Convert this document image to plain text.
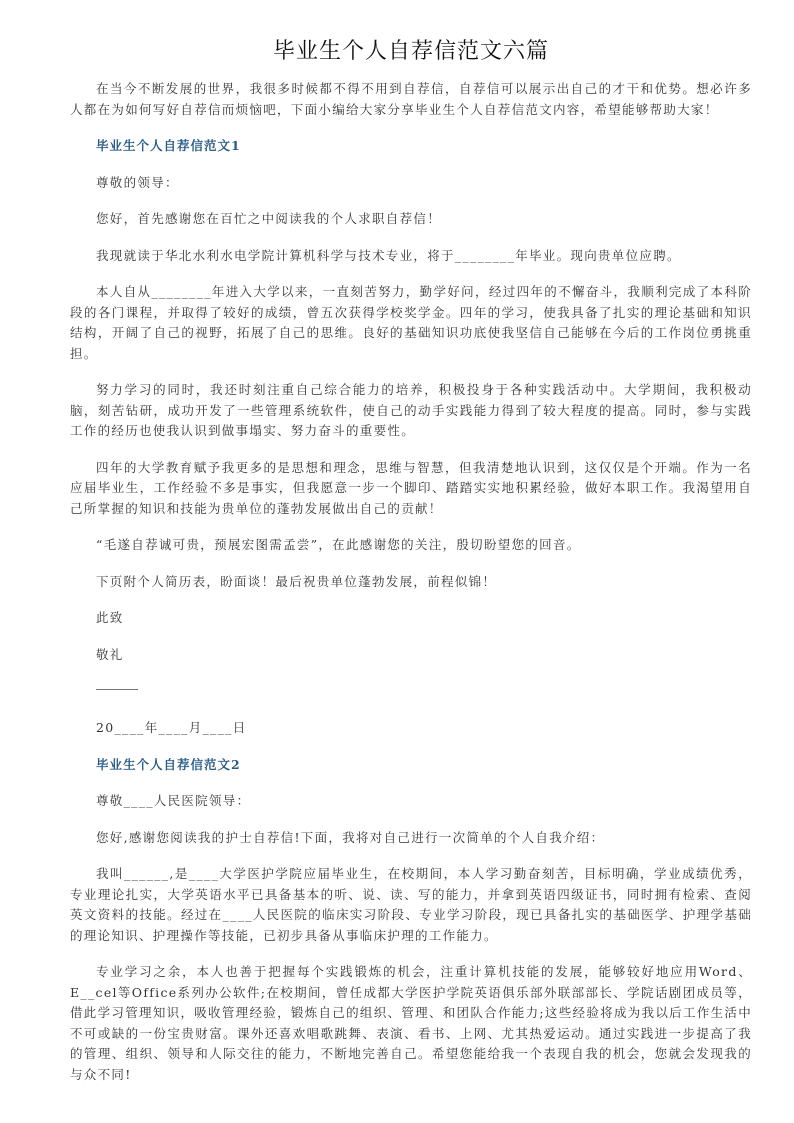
毕业生个人自荐信范文六篇

在当今不断发展的世界，我很多时候都不得不用到自荐信，自荐信可以展示出自己的才干和优势。想必许多人都在为如何写好自荐信而烦恼吧，下面小编给大家分享毕业生个人自荐信范文内容，希望能够帮助大家！

毕业生个人自荐信范文1

尊敬的领导：

您好，首先感谢您在百忙之中阅读我的个人求职自荐信！

我现就读于华北水利水电学院计算机科学与技术专业，将于________年毕业。现向贵单位应聘。

本人自从________年进入大学以来，一直刻苦努力，勤学好问，经过四年的不懈奋斗，我顺利完成了本科阶段的各门课程，并取得了较好的成绩，曾五次获得学校奖学金。四年的学习，使我具备了扎实的理论基础和知识结构，开阔了自己的视野，拓展了自己的思维。良好的基础知识功底使我坚信自己能够在今后的工作岗位勇挑重担。

努力学习的同时，我还时刻注重自己综合能力的培养，积极投身于各种实践活动中。大学期间，我积极动脑，刻苦钻研，成功开发了一些管理系统软件，使自己的动手实践能力得到了较大程度的提高。同时，参与实践工作的经历也使我认识到做事塌实、努力奋斗的重要性。

四年的大学教育赋予我更多的是思想和理念，思维与智慧，但我清楚地认识到，这仅仅是个开端。作为一名应届毕业生，工作经验不多是事实，但我愿意一步一个脚印、踏踏实实地积累经验，做好本职工作。我渴望用自己所掌握的知识和技能为贵单位的蓬勃发展做出自己的贡献！

“毛遂自荐诚可贵，预展宏图需孟尝”，在此感谢您的关注，殷切盼望您的回音。

下页附个人简历表，盼面谈！最后祝贵单位蓬勃发展，前程似锦！

此致

敬礼

20____年____月____日

毕业生个人自荐信范文2

尊敬____人民医院领导：

您好,感谢您阅读我的护士自荐信!下面，我将对自己进行一次简单的个人自我介绍：

我叫______,是____大学医护学院应届毕业生，在校期间，本人学习勤奋刻苦，目标明确，学业成绩优秀，专业理论扎实，大学英语水平已具备基本的听、说、读、写的能力，并拿到英语四级证书，同时拥有检索、查阅英文资料的技能。经过在____人民医院的临床实习阶段、专业学习阶段，现已具备扎实的基础医学、护理学基础的理论知识、护理操作等技能，已初步具备从事临床护理的工作能力。

专业学习之余，本人也善于把握每个实践锻炼的机会，注重计算机技能的发展，能够较好地应用Word、E__cel等Office系列办公软件;在校期间，曾任成都大学医护学院英语俱乐部外联部部长、学院话剧团成员等，借此学习管理知识，吸收管理经验，锻炼自己的组织、管理、和团队合作能力;这些经验将成为我以后工作生活中不可或缺的一份宝贵财富。课外还喜欢唱歌跳舞、表演、看书、上网、尤其热爱运动。通过实践进一步提高了我的管理、组织、领导和人际交往的能力，不断地完善自己。希望您能给我一个表现自我的机会，您就会发现我的与众不同!
